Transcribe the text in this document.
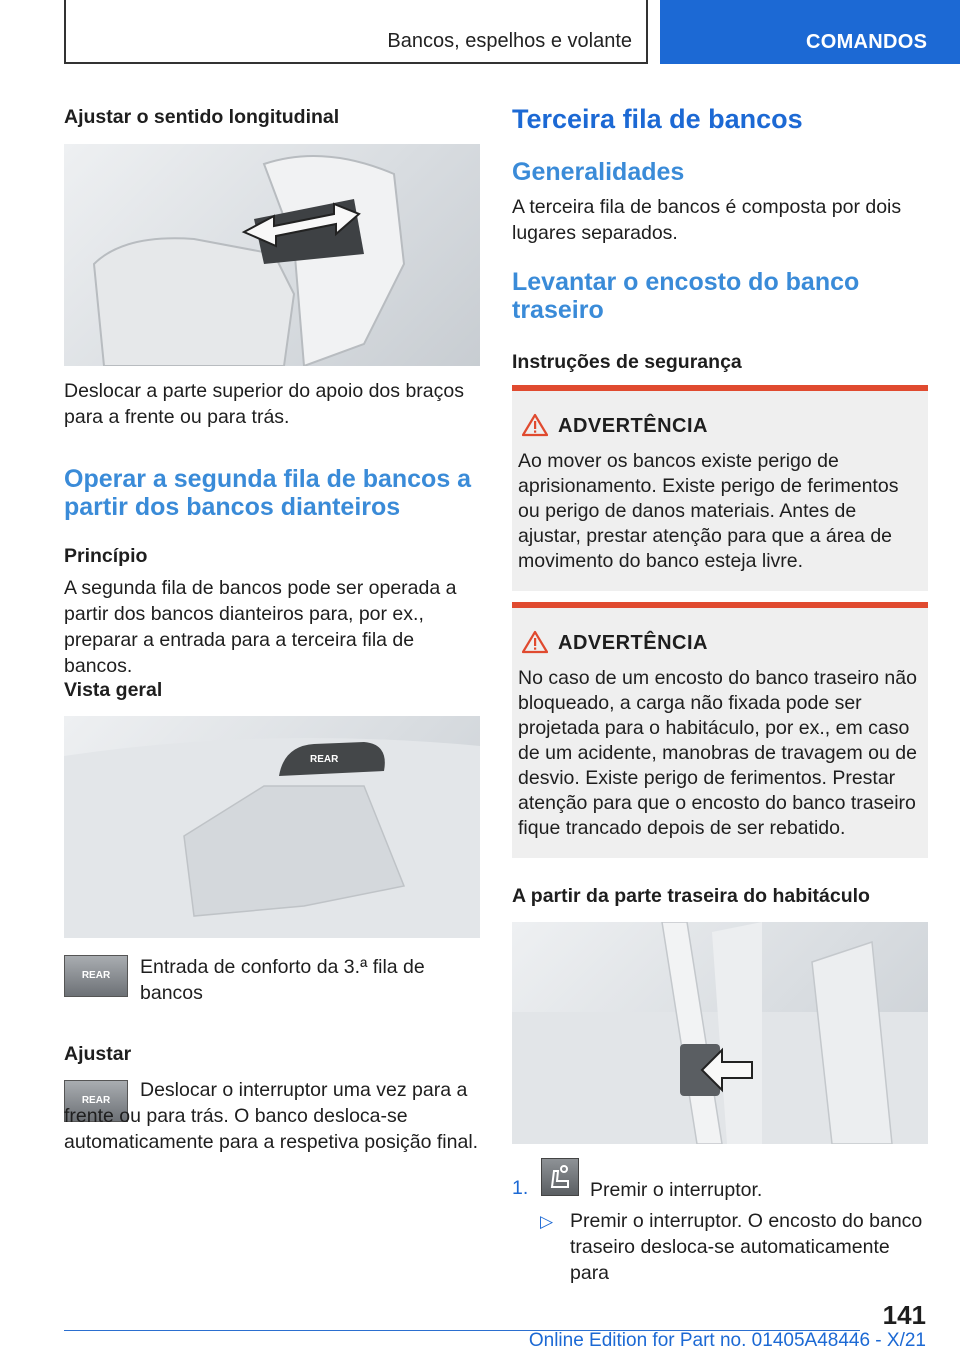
Bancos, espelhos e volante	COMANDOS
Ajustar o sentido longitudinal

Deslocar a parte superior do apoio dos braços para a frente ou para trás.

Operar a segunda fila de bancos a partir dos bancos dianteiros
Princípio

A segunda fila de bancos pode ser operada a partir dos bancos dianteiros para, por ex., preparar a entrada para a terceira fila de bancos.

Vista geral
REAR
REAR	Entrada de conforto da 3.ª fila de bancos

Ajustar
REAR	Deslocar o interruptor uma vez para a frente ou para trás. O banco desloca-se automaticamente para a respetiva posição final.

Terceira fila de bancos
Generalidades

A terceira fila de bancos é composta por dois lugares separados.

Levantar o encosto do banco traseiro
Instruções de segurança
ADVERTÊNCIA

Ao mover os bancos existe perigo de aprisionamento. Existe perigo de ferimentos ou perigo de danos materiais. Antes de ajustar, prestar atenção para que a área de movimento do banco esteja livre.

ADVERTÊNCIA

No caso de um encosto do banco traseiro não bloqueado, a carga não fixada pode ser projetada para o habitáculo, por ex., em caso de um acidente, manobras de travagem ou de desvio. Existe perigo de ferimentos. Prestar atenção para que o encosto do banco traseiro fique trancado depois de ser rebatido.

A partir da parte traseira do habitáculo
1.	Premir o interruptor.

▷ Premir o interruptor. O encosto do banco traseiro desloca-se automaticamente para

141
Online Edition for Part no. 01405A48446 - X/21
